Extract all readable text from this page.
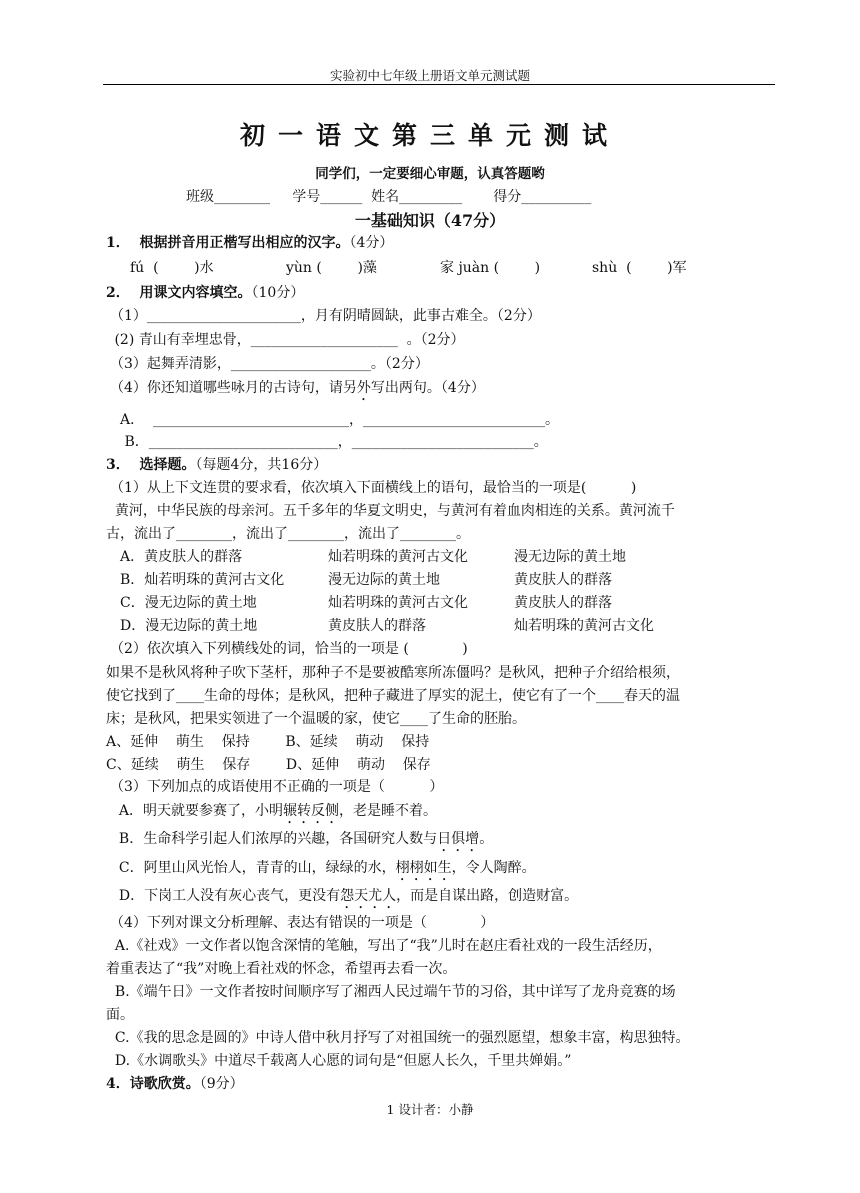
实验初中七年级上册语文单元测试题
初一语文第三单元测试
同学们，一定要细心审题，认真答题哟
班级________     学号______  姓名_________       得分__________
一基础知识（47分）
1．  根据拼音用正楷写出相应的汉字。（4分）
fú  (        )水	yùn (        )藻	家 juàn (        )	shù  (        )军
2．  用课文内容填空。（10分）
（1）______________________，月有阴晴圆缺，此事古难全。（2分）
(2) 青山有幸埋忠骨，_____________________  。（2分）
（3）起舞弄清影，____________________。（2分）
（4）你还知道哪些咏月的古诗句，请另外写出两句。（4分）
A．  ____________________________，__________________________。
B．___________________________，__________________________。
3．  选择题。（每题4分，共16分）
（1）从上下文连贯的要求看，依次填入下面横线上的语句，最恰当的一项是(          )
黄河，中华民族的母亲河。五千多年的华夏文明史，与黄河有着血肉相连的关系。黄河流千
古，流出了________，流出了________，流出了________。
A．黄皮肤人的群落	灿若明珠的黄河古文化	漫无边际的黄土地
B．灿若明珠的黄河古文化	漫无边际的黄土地	黄皮肤人的群落
C．漫无边际的黄土地	灿若明珠的黄河古文化	黄皮肤人的群落
D．漫无边际的黄土地	黄皮肤人的群落	灿若明珠的黄河古文化
（2）依次填入下列横线处的词，恰当的一项是 (            )
如果不是秋风将种子吹下茎杆，那种子不是要被酷寒所冻僵吗？是秋风，把种子介绍给根须，
使它找到了____生命的母体；是秋风，把种子藏进了厚实的泥土，使它有了一个____春天的温
床；是秋风，把果实领进了一个温暖的家，使它____了生命的胚胎。
A、延伸    萌生    保持        B、延续    萌动    保持
C、延续    萌生    保存        D、延伸    萌动    保存
（3）下列加点的成语使用不正确的一项是（          ）
A．明天就要参赛了，小明辗转反侧，老是睡不着。
B．生命科学引起人们浓厚的兴趣，各国研究人数与日俱增。
C．阿里山风光怡人，青青的山，绿绿的水，栩栩如生，令人陶醉。
D．下岗工人没有灰心丧气，更没有怨天尤人，而是自谋出路，创造财富。
（4）下列对课文分析理解、表达有错误的一项是（            ）
A.《社戏》一文作者以饱含深情的笔触，写出了“我”儿时在赵庄看社戏的一段生活经历，
着重表达了“我”对晚上看社戏的怀念，希望再去看一次。
B.《端午日》一文作者按时间顺序写了湘西人民过端午节的习俗，其中详写了龙舟竞赛的场
面。
C.《我的思念是圆的》中诗人借中秋月抒写了对祖国统一的强烈愿望，想象丰富，构思独特。
D.《水调歌头》中道尽千载离人心愿的词句是“但愿人长久，千里共婵娟。”
4．诗歌欣赏。（9分）
1 设计者：小静
